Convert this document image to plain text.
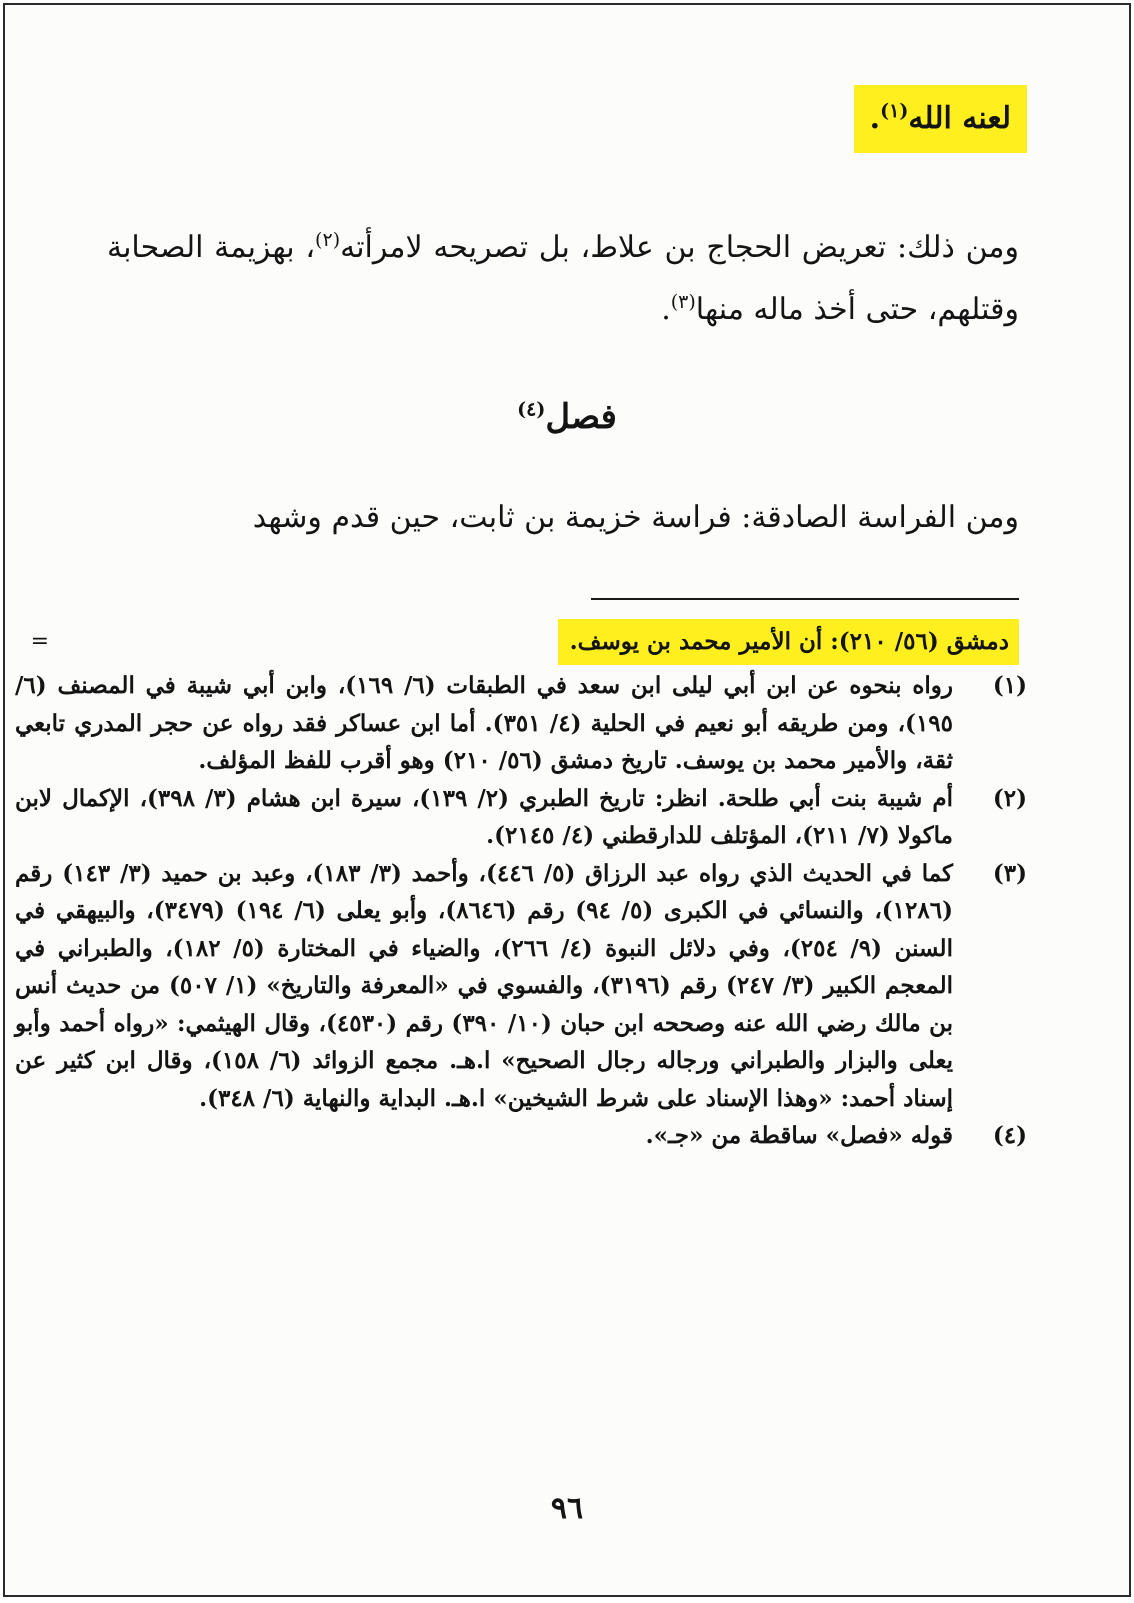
لعنه الله$^{(١)}$.
ومن ذلك: تعريض الحجاج بن علاط، بل تصريحه لامرأته$^{(٢)}$، بهزيمة الصحابة وقتلهم، حتى أخذ ماله منها$^{(٣)}$.
فصل$^{(٤)}$
ومن الفراسة الصادقة: فراسة خزيمة بن ثابت، حين قدم وشهد
=	دمشق (٥٦/ ٢١٠): أن الأمير محمد بن يوسف.
(١)
رواه بنحوه عن ابن أبي ليلى ابن سعد في الطبقات (٦/ ١٦٩)، وابن أبي شيبة في المصنف (٦/ ١٩٥)، ومن طريقه أبو نعيم في الحلية (٤/ ٣٥١). أما ابن عساكر فقد رواه عن حجر المدري تابعي ثقة، والأمير محمد بن يوسف. تاريخ دمشق (٥٦/ ٢١٠) وهو أقرب للفظ المؤلف.
(٢)
أم شيبة بنت أبي طلحة. انظر: تاريخ الطبري (٢/ ١٣٩)، سيرة ابن هشام (٣/ ٣٩٨)، الإكمال لابن ماكولا (٧/ ٢١١)، المؤتلف للدارقطني (٤/ ٢١٤٥).
(٣)
كما في الحديث الذي رواه عبد الرزاق (٥/ ٤٤٦)، وأحمد (٣/ ١٨٣)، وعبد بن حميد (٣/ ١٤٣) رقم (١٢٨٦)، والنسائي في الكبرى (٥/ ٩٤) رقم (٨٦٤٦)، وأبو يعلى (٦/ ١٩٤) (٣٤٧٩)، والبيهقي في السنن (٩/ ٢٥٤)، وفي دلائل النبوة (٤/ ٢٦٦)، والضياء في المختارة (٥/ ١٨٢)، والطبراني في المعجم الكبير (٣/ ٢٤٧) رقم (٣١٩٦)، والفسوي في «المعرفة والتاريخ» (١/ ٥٠٧) من حديث أنس بن مالك رضي الله عنه وصححه ابن حبان (١٠/ ٣٩٠) رقم (٤٥٣٠)، وقال الهيثمي: «رواه أحمد وأبو يعلى والبزار والطبراني ورجاله رجال الصحيح» ا.هـ. مجمع الزوائد (٦/ ١٥٨)، وقال ابن كثير عن إسناد أحمد: «وهذا الإسناد على شرط الشيخين» ا.هـ. البداية والنهاية (٦/ ٣٤٨).
(٤)
قوله «فصل» ساقطة من «جـ».
٩٦
